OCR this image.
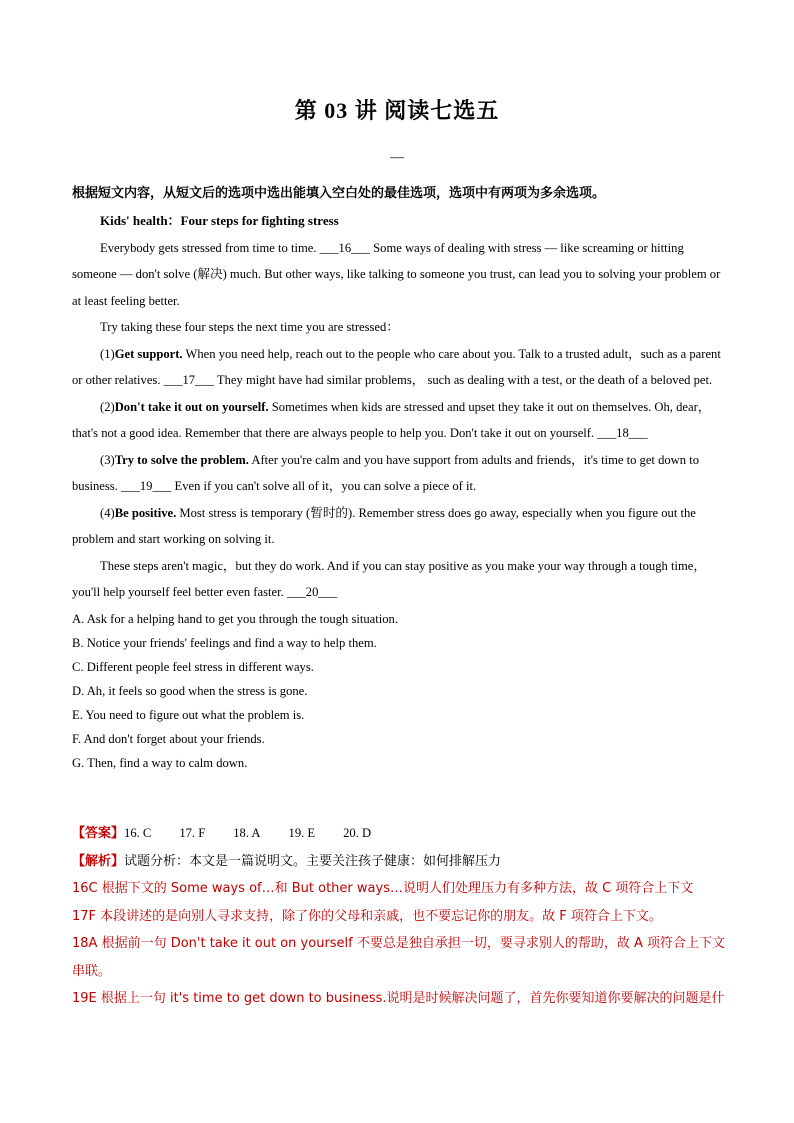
第 03 讲 阅读七选五
—
根据短文内容，从短文后的选项中选出能填入空白处的最佳选项，选项中有两项为多余选项。

Kids' health：Four steps for fighting stress

Everybody gets stressed from time to time. ___16___ Some ways of dealing with stress — like screaming or hitting someone — don't solve (解决) much. But other ways, like talking to someone you trust, can lead you to solving your problem or at least feeling better.

Try taking these four steps the next time you are stressed：

(1)Get support. When you need help, reach out to the people who care about you. Talk to a trusted adult，such as a parent or other relatives. ___17___ They might have had similar problems， such as dealing with a test, or the death of a beloved pet.

(2)Don't take it out on yourself. Sometimes when kids are stressed and upset they take it out on themselves. Oh, dear，that's not a good idea. Remember that there are always people to help you. Don't take it out on yourself. ___18___

(3)Try to solve the problem. After you're calm and you have support from adults and friends，it's time to get down to business. ___19___ Even if you can't solve all of it，you can solve a piece of it.

(4)Be positive. Most stress is temporary (暂时的). Remember stress does go away, especially when you figure out the problem and start working on solving it.

These steps aren't magic，but they do work. And if you can stay positive as you make your way through a tough time，you'll help yourself feel better even faster. ___20___

A. Ask for a helping hand to get you through the tough situation.

B. Notice your friends' feelings and find a way to help them.

C. Different people feel stress in different ways.

D. Ah, it feels so good when the stress is gone.

E. You need to figure out what the problem is.

F. And don't forget about your friends.

G. Then, find a way to calm down.

【答案】16. C 17. F 18. A 19. E 20. D

【解析】试题分析：本文是一篇说明文。主要关注孩子健康：如何排解压力

16C 根据下文的 Some ways of…和 But other ways…说明人们处理压力有多种方法，故 C 项符合上下文

17F 本段讲述的是向别人寻求支持，除了你的父母和亲戚，也不要忘记你的朋友。故 F 项符合上下文。

18A 根据前一句 Don't take it out on yourself 不要总是独自承担一切，要寻求别人的帮助，故 A 项符合上下文串联。

19E 根据上一句 it's time to get down to business.说明是时候解决问题了，首先你要知道你要解决的问题是什
